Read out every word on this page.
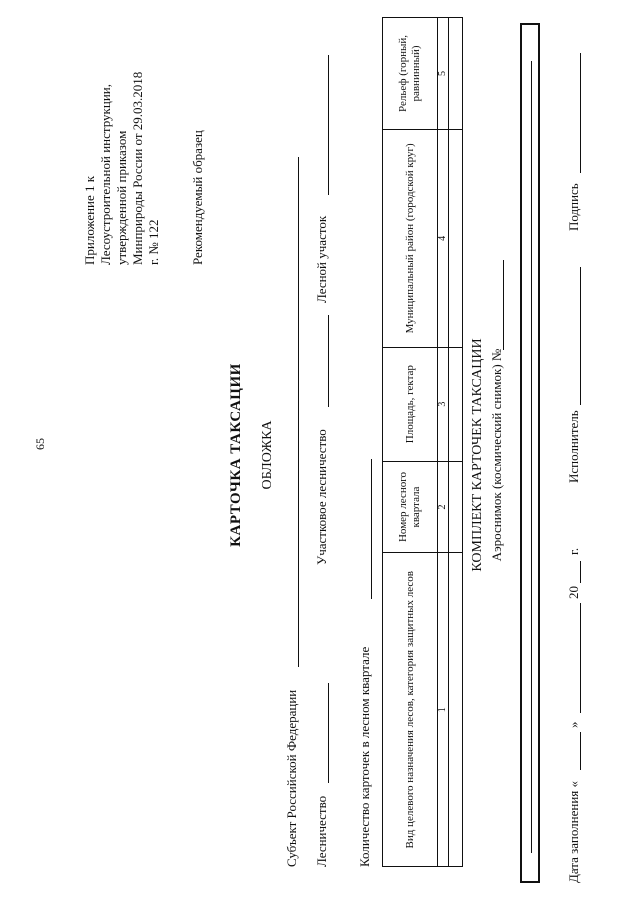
65
Приложение 1 к Лесоустроительной инструкции, утвержденной приказом Минприроды России от 29.03.2018 г. № 122 Рекомендуемый образец
КАРТОЧКА ТАКСАЦИИ ОБЛОЖКА
Субъект Российской Федерации Лесничество
Участковое лесничество
Лесной участок
Количество карточек в лесном квартале	Вид целевого назначения лесов, категория защитных лесов	Номер лесного квартала	Площадь, гектар	Муниципальный район (городской круг)	Рельеф (горный, равнинный)
1	2	3	4	5

КОМПЛЕКТ КАРТОЧЕК ТАКСАЦИИ Аэроснимок (космический снимок) №
Дата заполнения «
»
20
г.
Исполнитель
Подпись
